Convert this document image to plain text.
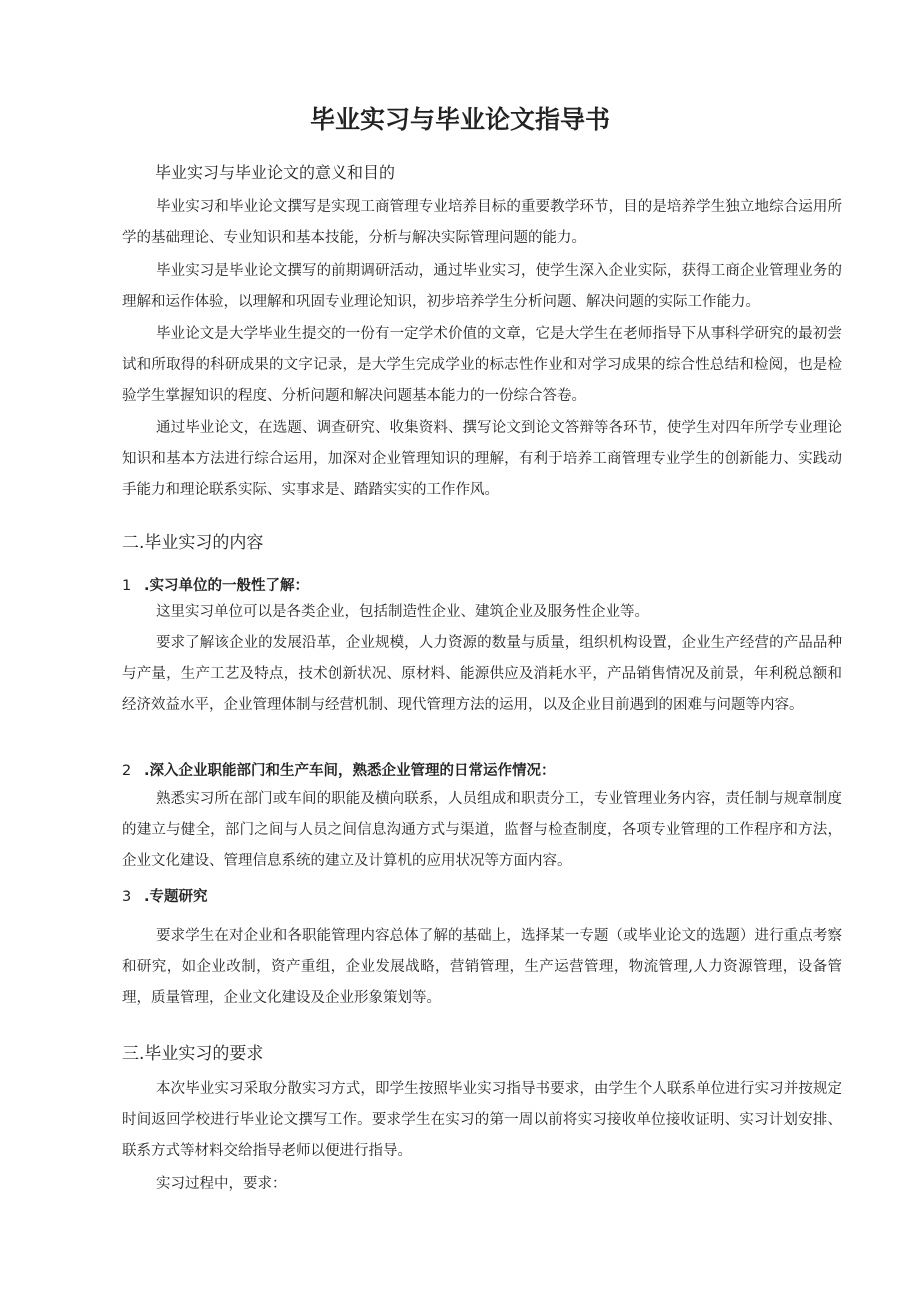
毕业实习与毕业论文指导书
毕业实习与毕业论文的意义和目的

毕业实习和毕业论文撰写是实现工商管理专业培养目标的重要教学环节，目的是培养学生独立地综合运用所学的基础理论、专业知识和基本技能，分析与解决实际管理问题的能力。

毕业实习是毕业论文撰写的前期调研活动，通过毕业实习，使学生深入企业实际，获得工商企业管理业务的理解和运作体验，以理解和巩固专业理论知识，初步培养学生分析问题、解决问题的实际工作能力。

毕业论文是大学毕业生提交的一份有一定学术价值的文章，它是大学生在老师指导下从事科学研究的最初尝试和所取得的科研成果的文字记录，是大学生完成学业的标志性作业和对学习成果的综合性总结和检阅，也是检验学生掌握知识的程度、分析问题和解决问题基本能力的一份综合答卷。

通过毕业论文，在选题、调查研究、收集资料、撰写论文到论文答辩等各环节，使学生对四年所学专业理论知识和基本方法进行综合运用，加深对企业管理知识的理解，有利于培养工商管理专业学生的创新能力、实践动手能力和理论联系实际、实事求是、踏踏实实的工作作风。

二.毕业实习的内容
1 .实习单位的一般性了解：

这里实习单位可以是各类企业，包括制造性企业、建筑企业及服务性企业等。

要求了解该企业的发展沿革，企业规模，人力资源的数量与质量，组织机构设置，企业生产经营的产品品种与产量，生产工艺及特点，技术创新状况、原材料、能源供应及消耗水平，产品销售情况及前景，年利税总额和经济效益水平，企业管理体制与经营机制、现代管理方法的运用，以及企业目前遇到的困难与问题等内容。

2 .深入企业职能部门和生产车间，熟悉企业管理的日常运作情况：

熟悉实习所在部门或车间的职能及横向联系，人员组成和职责分工，专业管理业务内容，责任制与规章制度的建立与健全，部门之间与人员之间信息沟通方式与渠道，监督与检查制度，各项专业管理的工作程序和方法，企业文化建设、管理信息系统的建立及计算机的应用状况等方面内容。

3 .专题研究

要求学生在对企业和各职能管理内容总体了解的基础上，选择某一专题（或毕业论文的选题）进行重点考察和研究，如企业改制，资产重组，企业发展战略，营销管理，生产运营管理，物流管理,人力资源管理，设备管理，质量管理，企业文化建设及企业形象策划等。

三.毕业实习的要求

本次毕业实习采取分散实习方式，即学生按照毕业实习指导书要求，由学生个人联系单位进行实习并按规定时间返回学校进行毕业论文撰写工作。要求学生在实习的第一周以前将实习接收单位接收证明、实习计划安排、联系方式等材料交给指导老师以便进行指导。

实习过程中，要求：
